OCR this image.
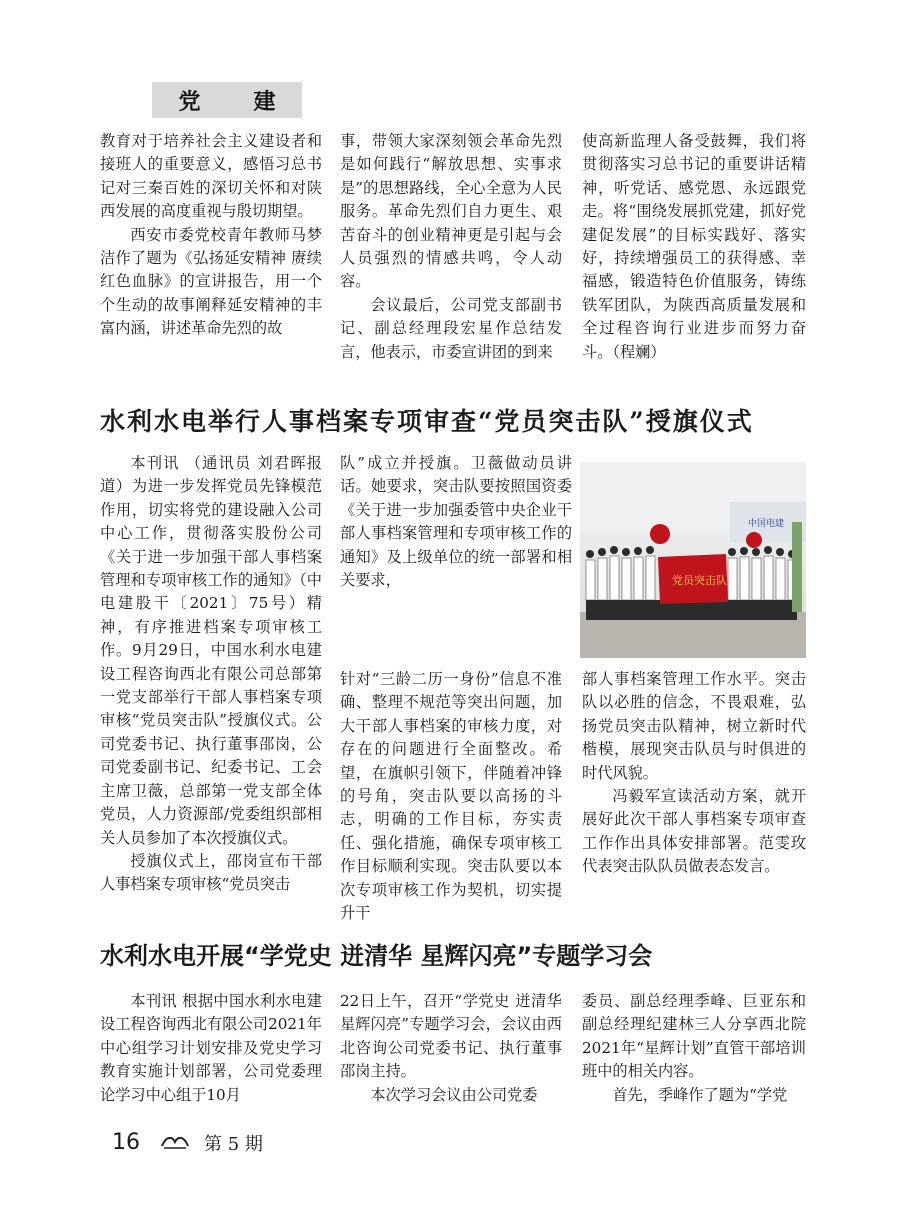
党 建

教育对于培养社会主义建设者和接班人的重要意义，感悟习总书记对三秦百姓的深切关怀和对陕西发展的高度重视与殷切期望。

西安市委党校青年教师马梦洁作了题为《弘扬延安精神 赓续红色血脉》的宣讲报告，用一个个生动的故事阐释延安精神的丰富内涵，讲述革命先烈的故

事，带领大家深刻领会革命先烈是如何践行“解放思想、实事求是”的思想路线，全心全意为人民服务。革命先烈们自力更生、艰苦奋斗的创业精神更是引起与会人员强烈的情感共鸣，令人动容。

会议最后，公司党支部副书记、副总经理段宏星作总结发言，他表示，市委宣讲团的到来

使高新监理人备受鼓舞，我们将贯彻落实习总书记的重要讲话精神，听党话、感党恩、永远跟党走。将“围绕发展抓党建，抓好党建促发展”的目标实践好、落实好，持续增强员工的获得感、幸福感，锻造特色价值服务，铸练铁军团队，为陕西高质量发展和全过程咨询行业进步而努力奋斗。（程斓）

水利水电举行人事档案专项审查“党员突击队”授旗仪式

本刊讯 （通讯员 刘君晖报道）为进一步发挥党员先锋模范作用，切实将党的建设融入公司中心工作，贯彻落实股份公司《关于进一步加强干部人事档案管理和专项审核工作的通知》（中电建股干〔2021〕75号）精神，有序推进档案专项审核工作。9月29日，中国水利水电建设工程咨询西北有限公司总部第一党支部举行干部人事档案专项审核“党员突击队”授旗仪式。公司党委书记、执行董事邵岗，公司党委副书记、纪委书记、工会主席卫薇，总部第一党支部全体党员，人力资源部/党委组织部相关人员参加了本次授旗仪式。

授旗仪式上，邵岗宣布干部人事档案专项审核“党员突击

队”成立并授旗。卫薇做动员讲话。她要求，突击队要按照国资委《关于进一步加强委管中央企业干部人事档案管理和专项审核工作的通知》及上级单位的统一部署和相关要求，

针对“三龄二历一身份”信息不准确、整理不规范等突出问题，加大干部人事档案的审核力度，对存在的问题进行全面整改。希望，在旗帜引领下，伴随着冲锋的号角，突击队要以高扬的斗志，明确的工作目标，夯实责任、强化措施，确保专项审核工作目标顺利实现。突击队要以本次专项审核工作为契机，切实提升干

部人事档案管理工作水平。突击队以必胜的信念，不畏艰难，弘扬党员突击队精神，树立新时代楷模，展现突击队员与时俱进的时代风貌。

冯毅军宣读活动方案，就开展好此次干部人事档案专项审查工作作出具体安排部署。范雯玫代表突击队队员做表态发言。

中国电建
党员突击队
水利水电开展“学党史 迸清华 星辉闪亮”专题学习会

本刊讯 根据中国水利水电建设工程咨询西北有限公司2021年中心组学习计划安排及党史学习教育实施计划部署，公司党委理论学习中心组于10月

22日上午，召开“学党史 迸清华 星辉闪亮”专题学习会，会议由西北咨询公司党委书记、执行董事邵岗主持。

本次学习会议由公司党委

委员、副总经理季峰、巨亚东和副总经理纪建林三人分享西北院2021年“星辉计划”直管干部培训班中的相关内容。

首先，季峰作了题为“学党

16	第 5 期
